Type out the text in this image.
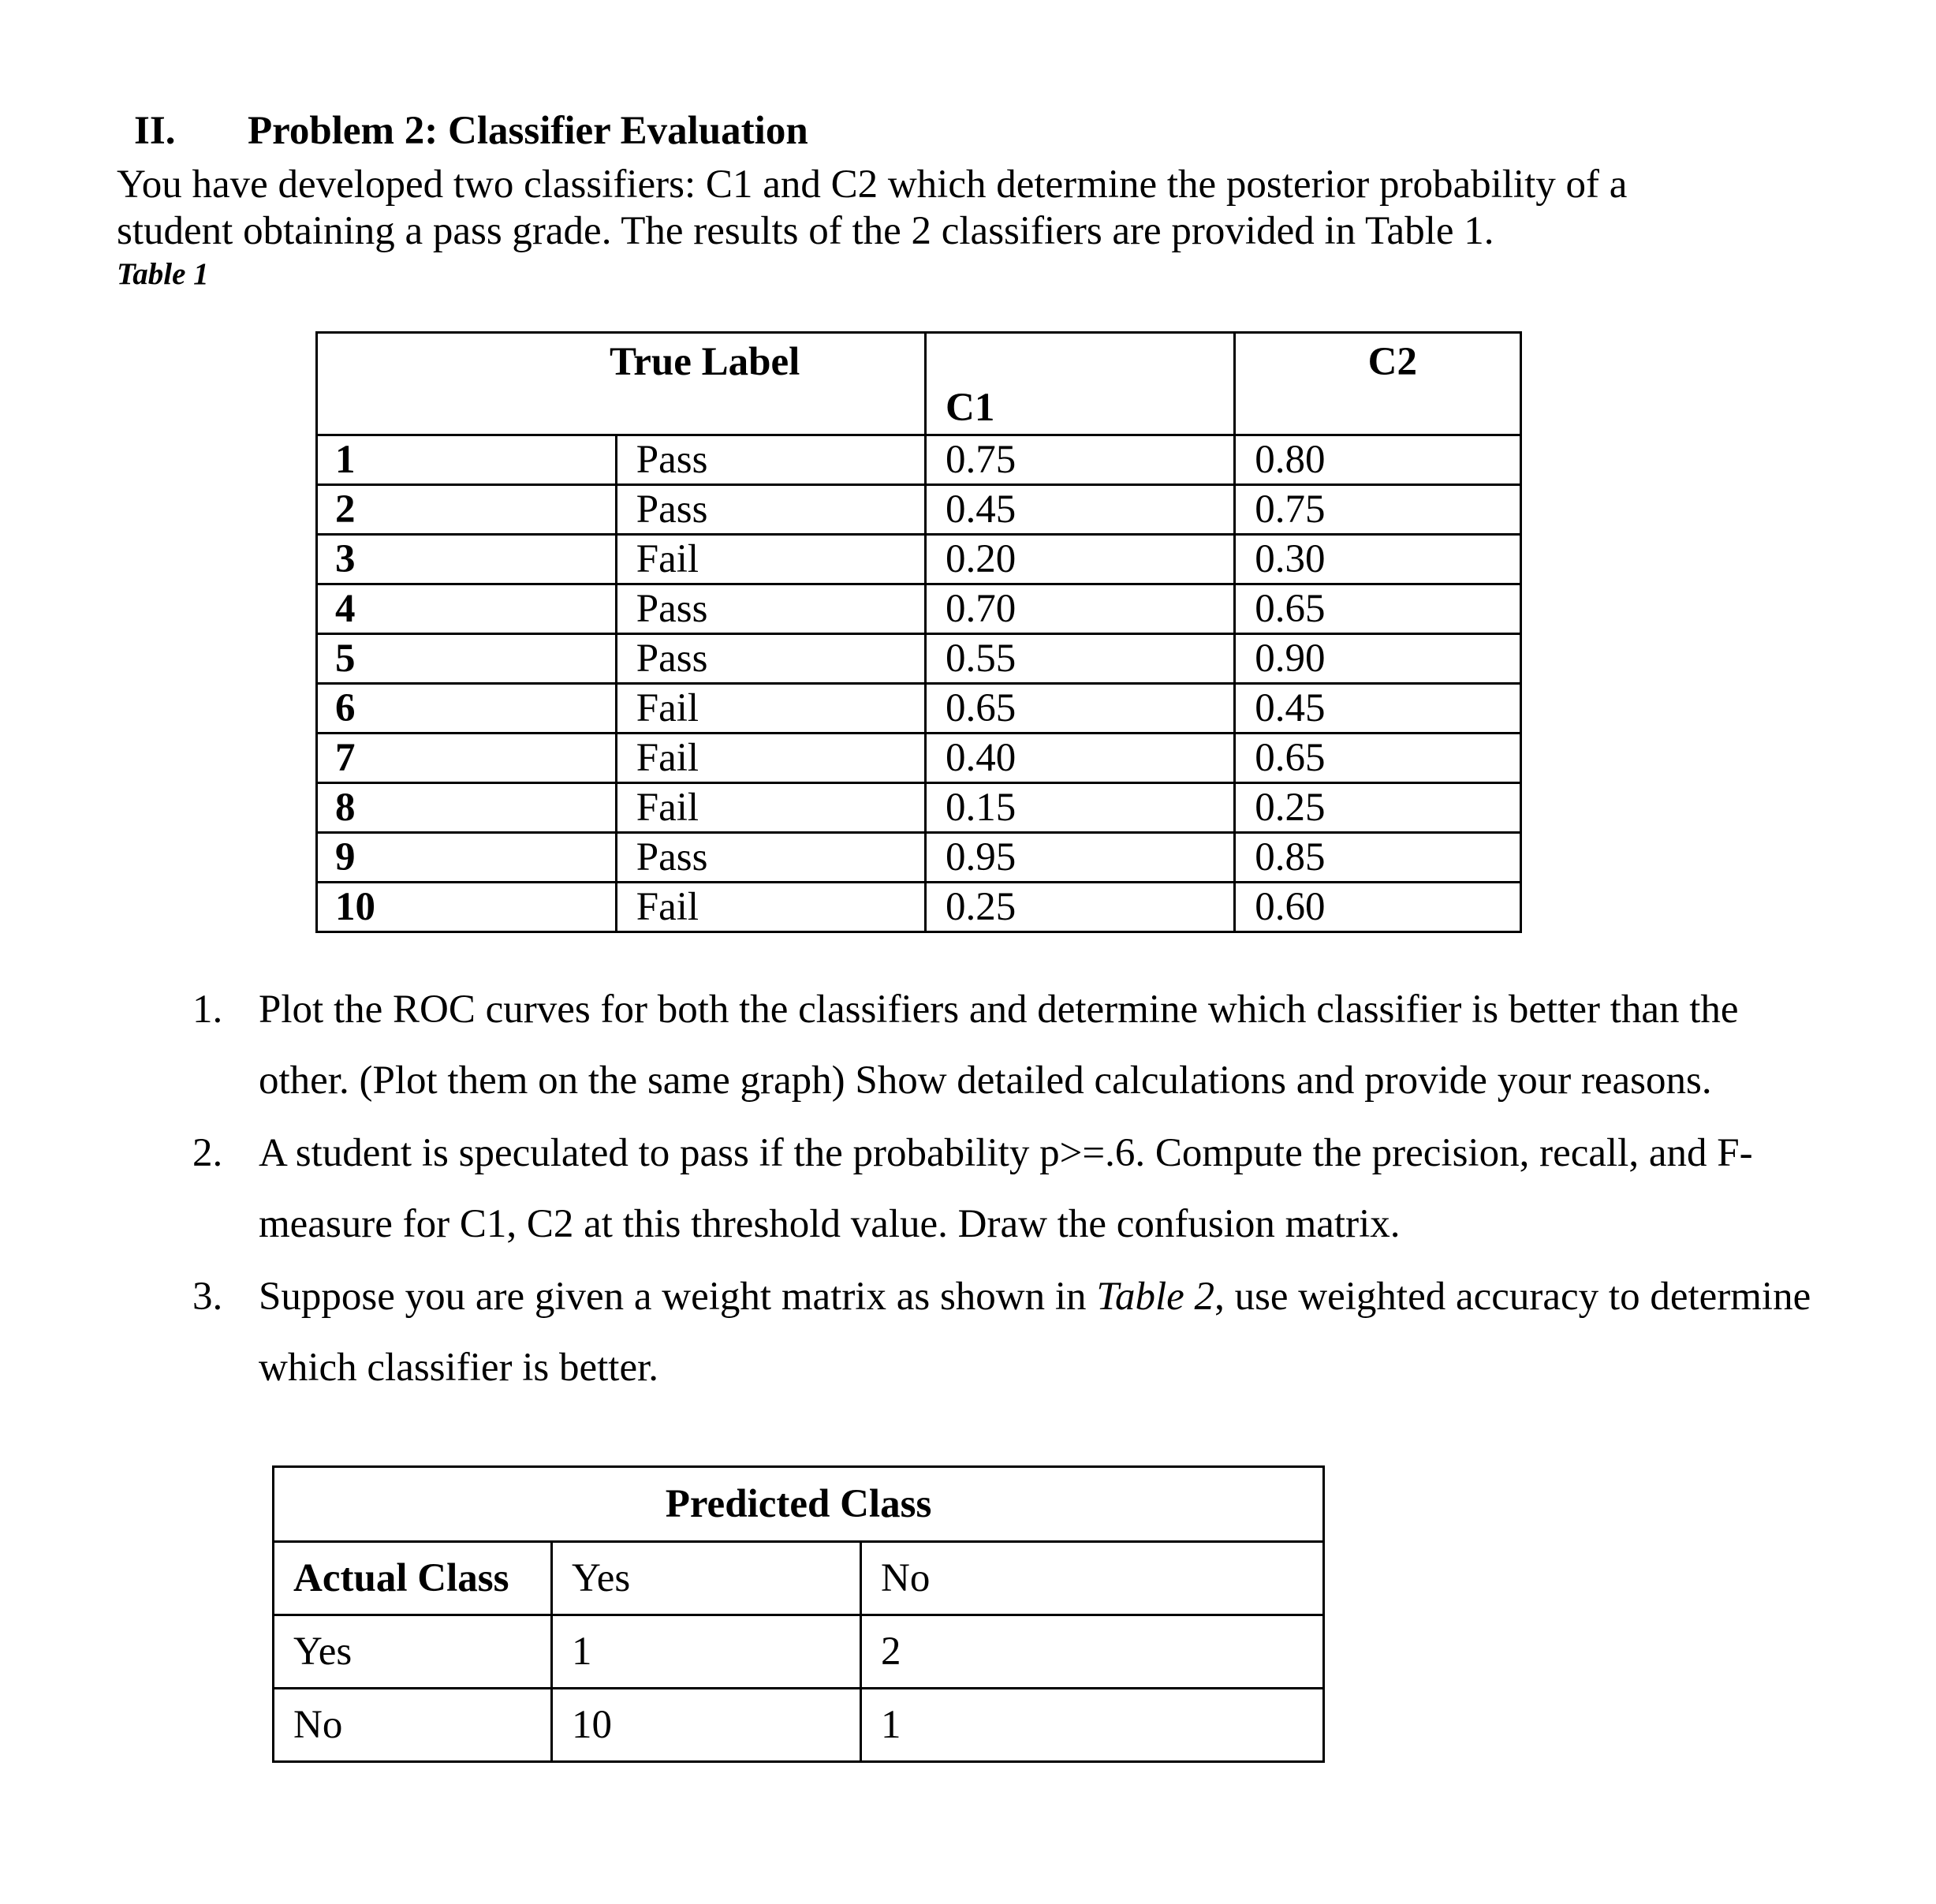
II. Problem 2: Classifier Evaluation
You have developed two classifiers: C1 and C2 which determine the posterior probability of a student obtaining a pass grade. The results of the 2 classifiers are provided in Table 1.
Table 1
True Label		C1	C2

1	Pass	0.75	0.80
2	Pass	0.45	0.75
3	Fail	0.20	0.30
4	Pass	0.70	0.65
5	Pass	0.55	0.90
6	Fail	0.65	0.45
7	Fail	0.40	0.65
8	Fail	0.15	0.25
9	Pass	0.95	0.85
10	Fail	0.25	0.60
1. Plot the ROC curves for both the classifiers and determine which classifier is better than the other. (Plot them on the same graph) Show detailed calculations and provide your reasons.
2. A student is speculated to pass if the probability p>=.6. Compute the precision, recall, and F-measure for C1, C2 at this threshold value. Draw the confusion matrix.
3. Suppose you are given a weight matrix as shown in Table 2, use weighted accuracy to determine which classifier is better.
Predicted Class		
Actual Class	Yes	No
Yes	1	2
No	10	1
